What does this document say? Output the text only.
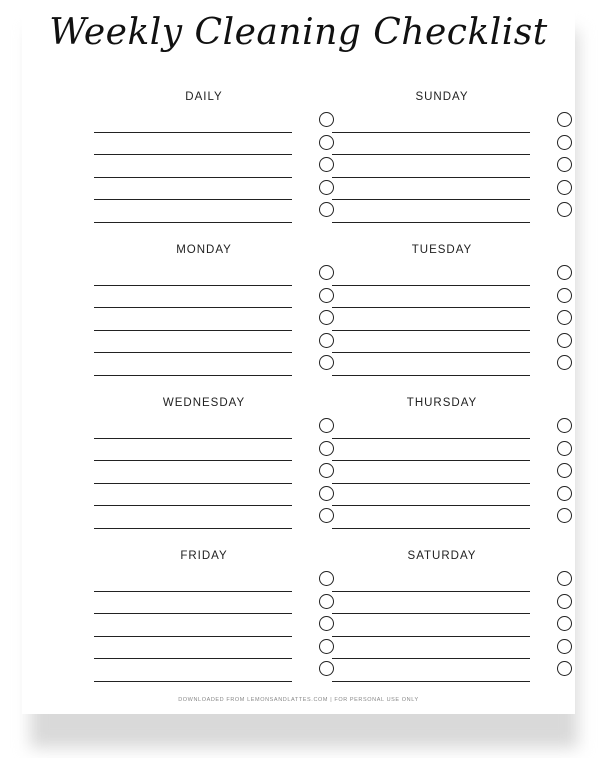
Weekly Cleaning Checklist
DAILY	SUNDAY
MONDAY	TUESDAY
WEDNESDAY	THURSDAY
FRIDAY	SATURDAY
DOWNLOADED FROM LEMONSANDLATTES.COM | FOR PERSONAL USE ONLY
